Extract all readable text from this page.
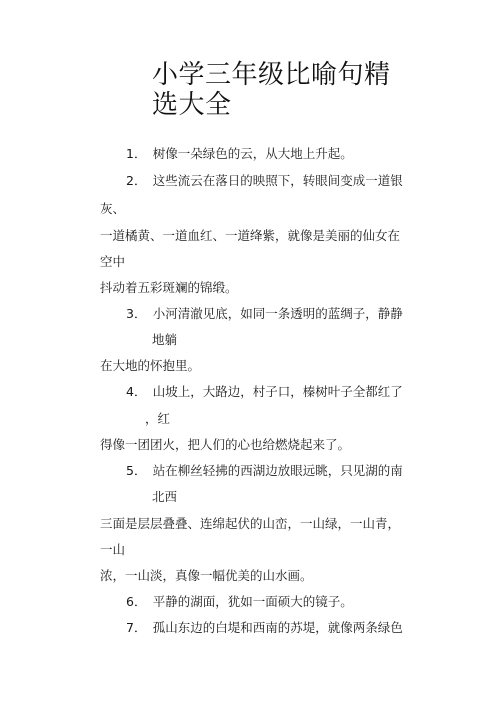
小学三年级比喻句精选大全
1．　树像一朵绿色的云，从大地上升起。
2．　这些流云在落日的映照下，转眼间变成一道银
灰、
一道橘黄、一道血红、一道绛紫，就像是美丽的仙女在
空中
抖动着五彩斑斓的锦缎。
3．　小河清澈见底，如同一条透明的蓝绸子，静静
地躺
在大地的怀抱里。
4．　山坡上，大路边，村子口，榛树叶子全都红了
，红
得像一团团火，把人们的心也给燃烧起来了。
5．　站在柳丝轻拂的西湖边放眼远眺，只见湖的南
北西
三面是层层叠叠、连绵起伏的山峦，一山绿，一山青，
一山
浓，一山淡，真像一幅优美的山水画。
6．　平静的湖面，犹如一面硕大的镜子。
7．　孤山东边的白堤和西南的苏堤，就像两条绿色
